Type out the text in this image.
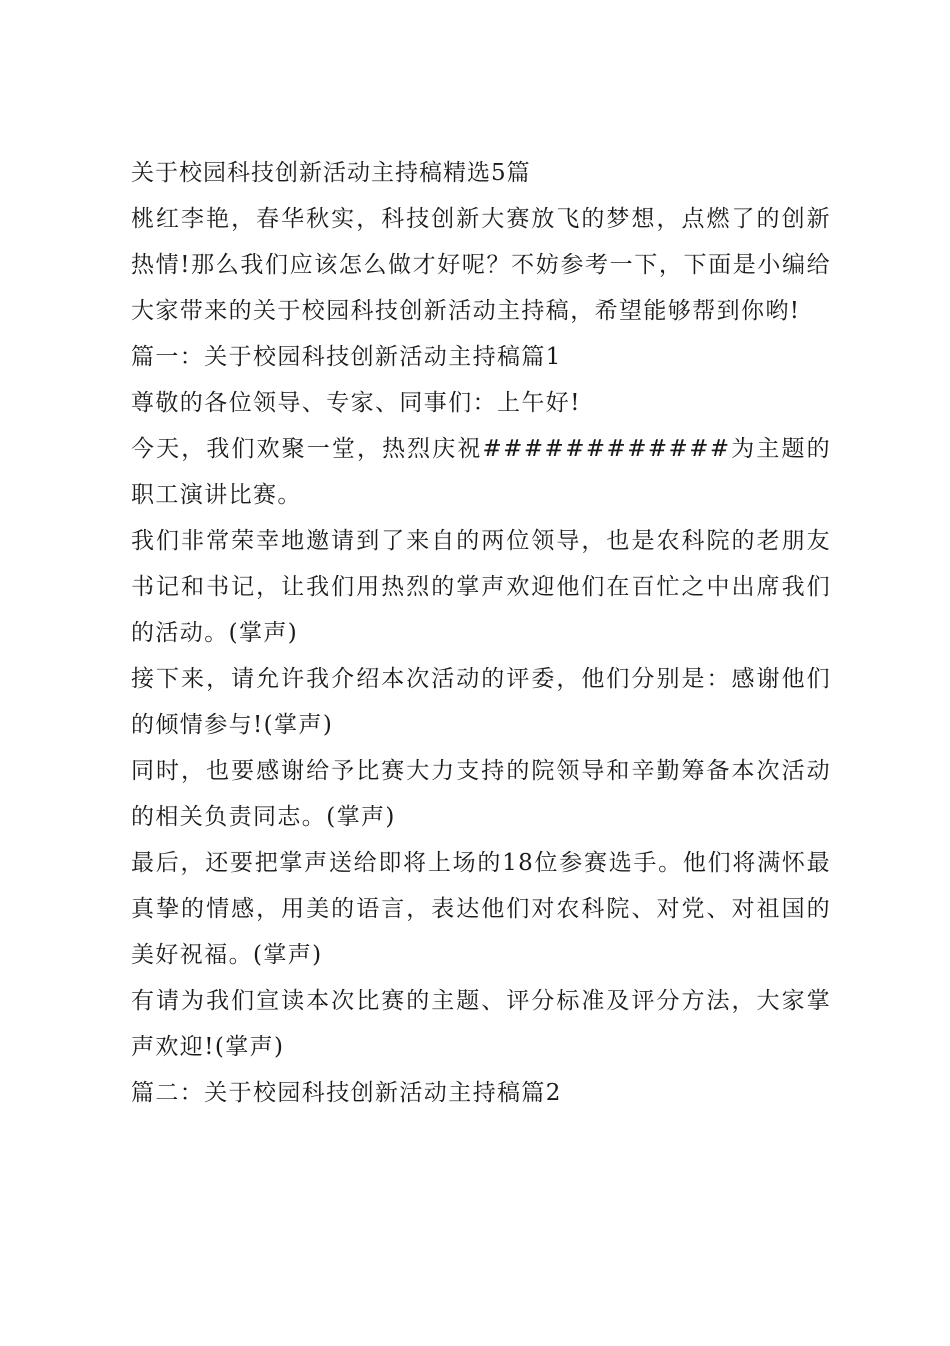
关于校园科技创新活动主持稿精选5篇

桃红李艳，春华秋实，科技创新大赛放飞的梦想，点燃了的创新热情!那么我们应该怎么做才好呢？不妨参考一下，下面是小编给大家带来的关于校园科技创新活动主持稿，希望能够帮到你哟!

篇一：关于校园科技创新活动主持稿篇1

尊敬的各位领导、专家、同事们：上午好!

今天，我们欢聚一堂，热烈庆祝############为主题的职工演讲比赛。

我们非常荣幸地邀请到了来自的两位领导，也是农科院的老朋友书记和书记，让我们用热烈的掌声欢迎他们在百忙之中出席我们的活动。(掌声)

接下来，请允许我介绍本次活动的评委，他们分别是：感谢他们的倾情参与!(掌声)

同时，也要感谢给予比赛大力支持的院领导和辛勤筹备本次活动的相关负责同志。(掌声)

最后，还要把掌声送给即将上场的18位参赛选手。他们将满怀最真挚的情感，用美的语言，表达他们对农科院、对党、对祖国的美好祝福。(掌声)

有请为我们宣读本次比赛的主题、评分标准及评分方法，大家掌声欢迎!(掌声)

篇二：关于校园科技创新活动主持稿篇2
